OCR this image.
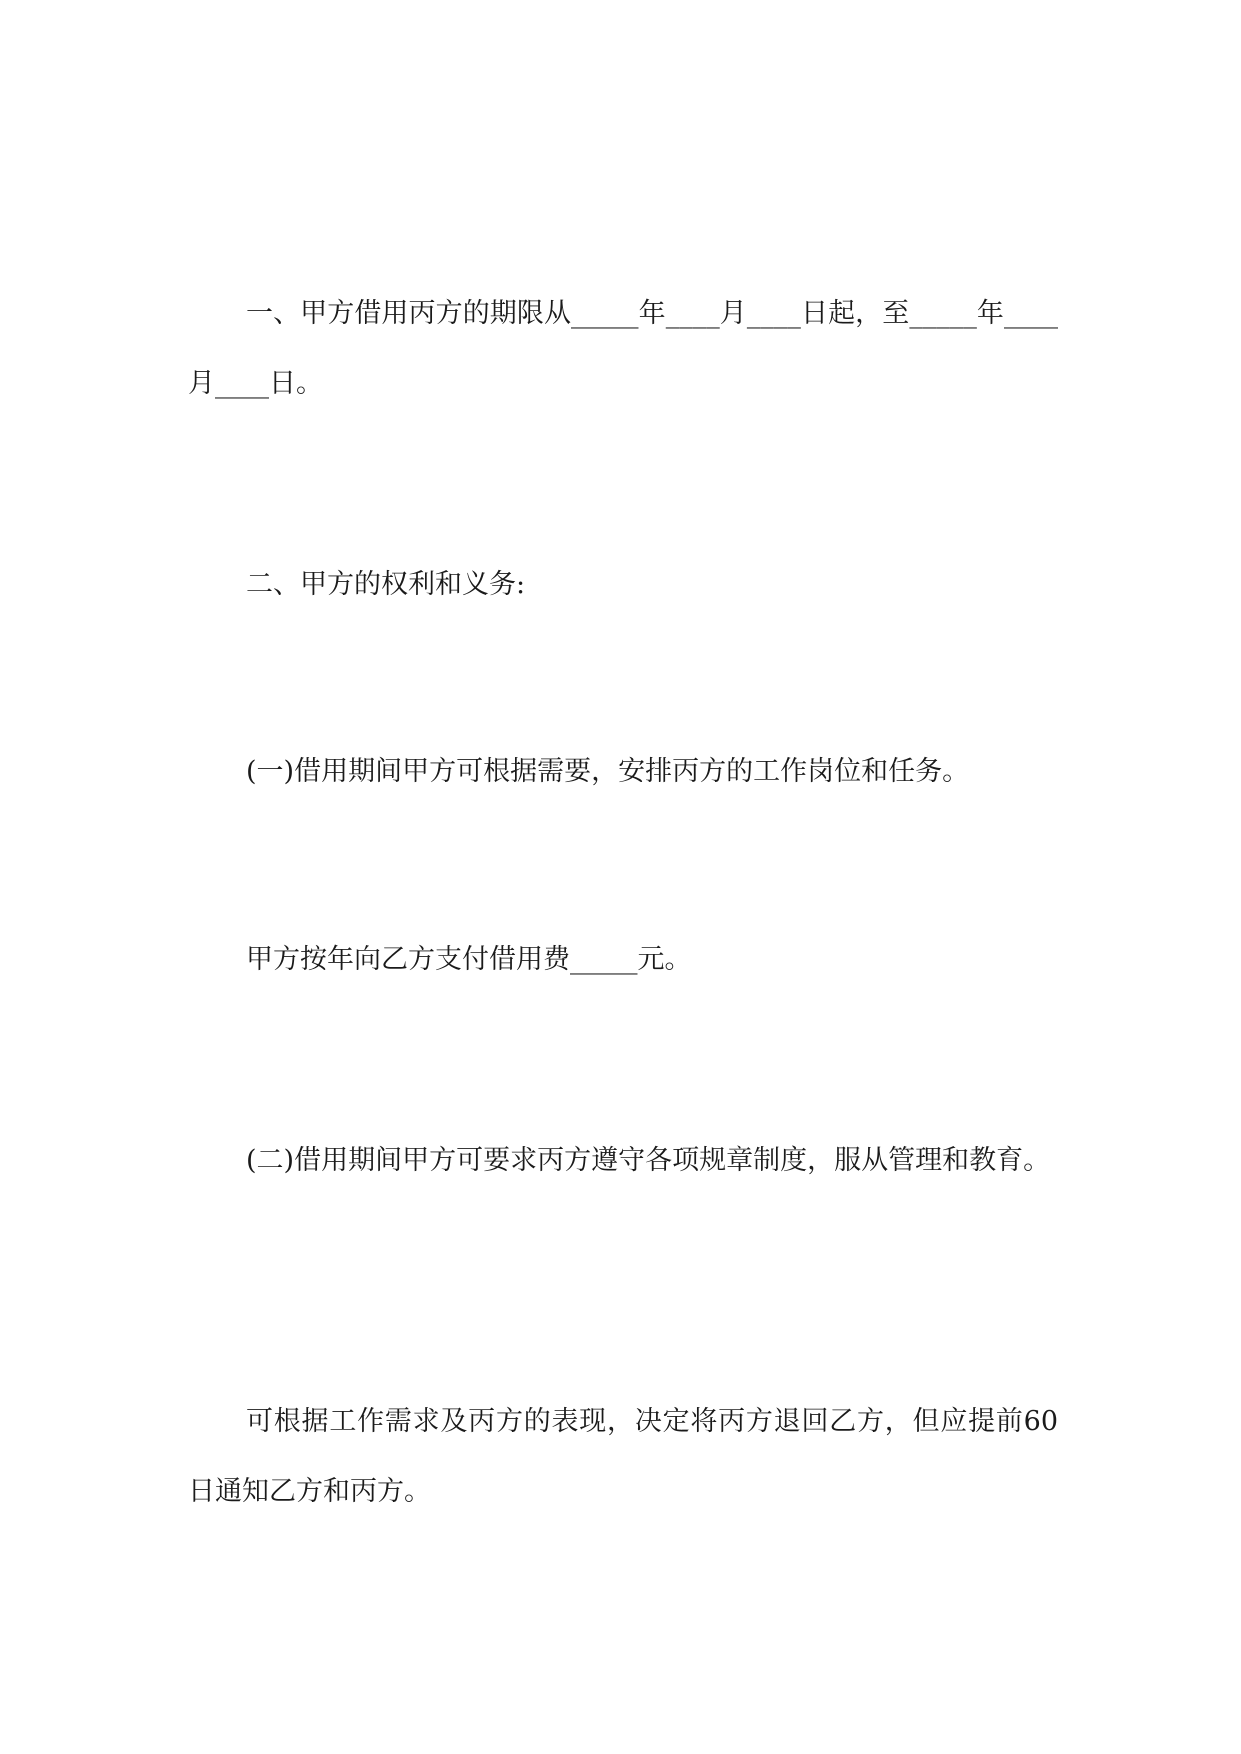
一、甲方借用丙方的期限从_____年____月____日起，至_____年____月____日。

二、甲方的权利和义务:

(一)借用期间甲方可根据需要，安排丙方的工作岗位和任务。

甲方按年向乙方支付借用费_____元。

(二)借用期间甲方可要求丙方遵守各项规章制度，服从管理和教育。

可根据工作需求及丙方的表现，决定将丙方退回乙方，但应提前60日通知乙方和丙方。
